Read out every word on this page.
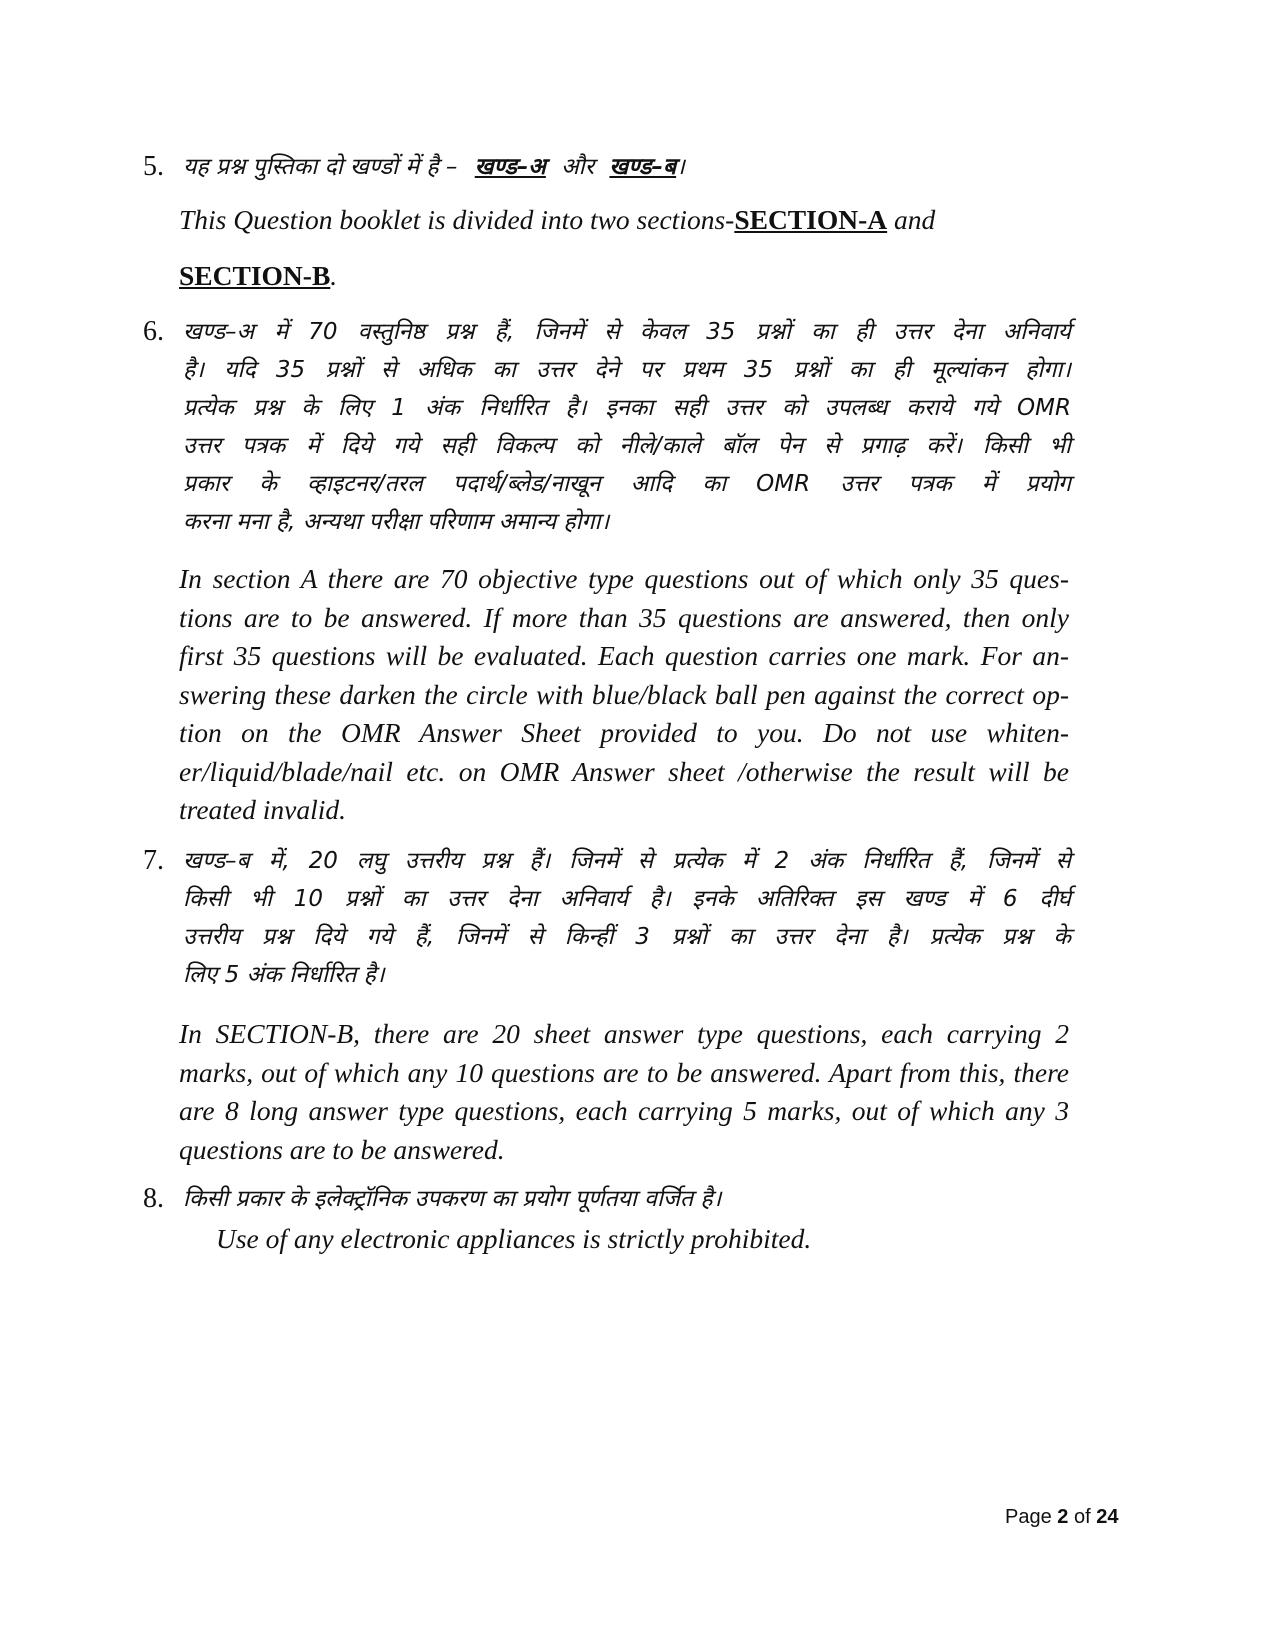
5. यह प्रश्न पुस्तिका दो खण्डों में है – खण्ड–अ और खण्ड–ब।
This Question booklet is divided into two sections-SECTION-A and
SECTION-B.
6. खण्ड–अ में 70 वस्तुनिष्ठ प्रश्न हैं, जिनमें से केवल 35 प्रश्नों का ही उत्तर देना अनिवार्य
है। यदि 35 प्रश्नों से अधिक का उत्तर देने पर प्रथम 35 प्रश्नों का ही मूल्यांकन होगा।
प्रत्येक प्रश्न के लिए 1 अंक निर्धारित है। इनका सही उत्तर को उपलब्ध कराये गये OMR
उत्तर पत्रक में दिये गये सही विकल्प को नीले/काले बॉल पेन से प्रगाढ़ करें। किसी भी
प्रकार के व्हाइटनर/तरल पदार्थ/ब्लेड/नाखून आदि का OMR उत्तर पत्रक में प्रयोग
करना मना है, अन्यथा परीक्षा परिणाम अमान्य होगा।
In section A there are 70 objective type questions out of which only 35 ques-
tions are to be answered. If more than 35 questions are answered, then only
first 35 questions will be evaluated. Each question carries one mark. For an-
swering these darken the circle with blue/black ball pen against the correct op-
tion on the OMR Answer Sheet provided to you. Do not use whiten-
er/liquid/blade/nail etc. on OMR Answer sheet /otherwise the result will be
treated invalid.
7. खण्ड–ब में, 20 लघु उत्तरीय प्रश्न हैं। जिनमें से प्रत्येक में 2 अंक निर्धारित हैं, जिनमें से
किसी भी 10 प्रश्नों का उत्तर देना अनिवार्य है। इनके अतिरिक्त इस खण्ड में 6 दीर्घ
उत्तरीय प्रश्न दिये गये हैं, जिनमें से किन्हीं 3 प्रश्नों का उत्तर देना है। प्रत्येक प्रश्न के
लिए 5 अंक निर्धारित है।
In SECTION-B, there are 20 sheet answer type questions, each carrying 2
marks, out of which any 10 questions are to be answered. Apart from this, there
are 8 long answer type questions, each carrying 5 marks, out of which any 3
questions are to be answered.
8. किसी प्रकार के इलेक्ट्रॉनिक उपकरण का प्रयोग पूर्णतया वर्जित है।
Use of any electronic appliances is strictly prohibited.
Page 2 of 24
